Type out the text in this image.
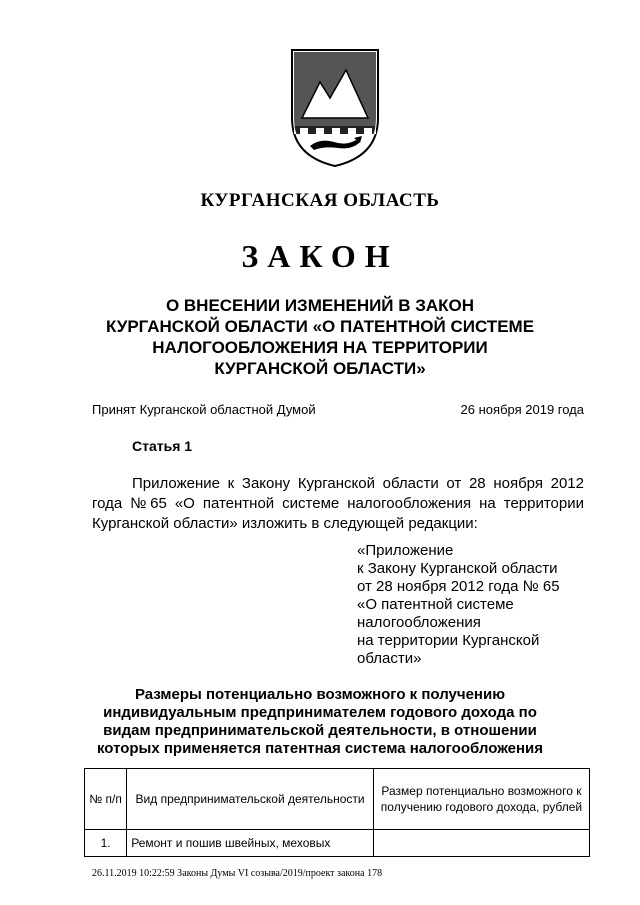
КУРГАНСКАЯ ОБЛАСТЬ
ЗАКОН
О ВНЕСЕНИИ ИЗМЕНЕНИЙ В ЗАКОН
КУРГАНСКОЙ ОБЛАСТИ «О ПАТЕНТНОЙ СИСТЕМЕ
НАЛОГООБЛОЖЕНИЯ НА ТЕРРИТОРИИ
КУРГАНСКОЙ ОБЛАСТИ»
Принят Курганской областной Думой	26 ноября 2019 года
Статья 1
Приложение к Закону Курганской области от 28 ноября 2012 года №65 «О патентной системе налогообложения на территории Курганской области» изложить в следующей редакции:
«Приложение
к Закону Курганской области
от 28 ноября 2012 года № 65
«О патентной системе
налогообложения
на территории Курганской
области»
Размеры потенциально возможного к получению
индивидуальным предпринимателем годового дохода по
видам предпринимательской деятельности, в отношении
которых применяется патентная система налогообложения
№ п/п	Вид предпринимательской деятельности	Размер потенциально возможного к получению годового дохода, рублей
1.	Ремонт и пошив швейных, меховых	
26.11.2019 10:22:59 Законы Думы VI созыва/2019/проект закона 178
